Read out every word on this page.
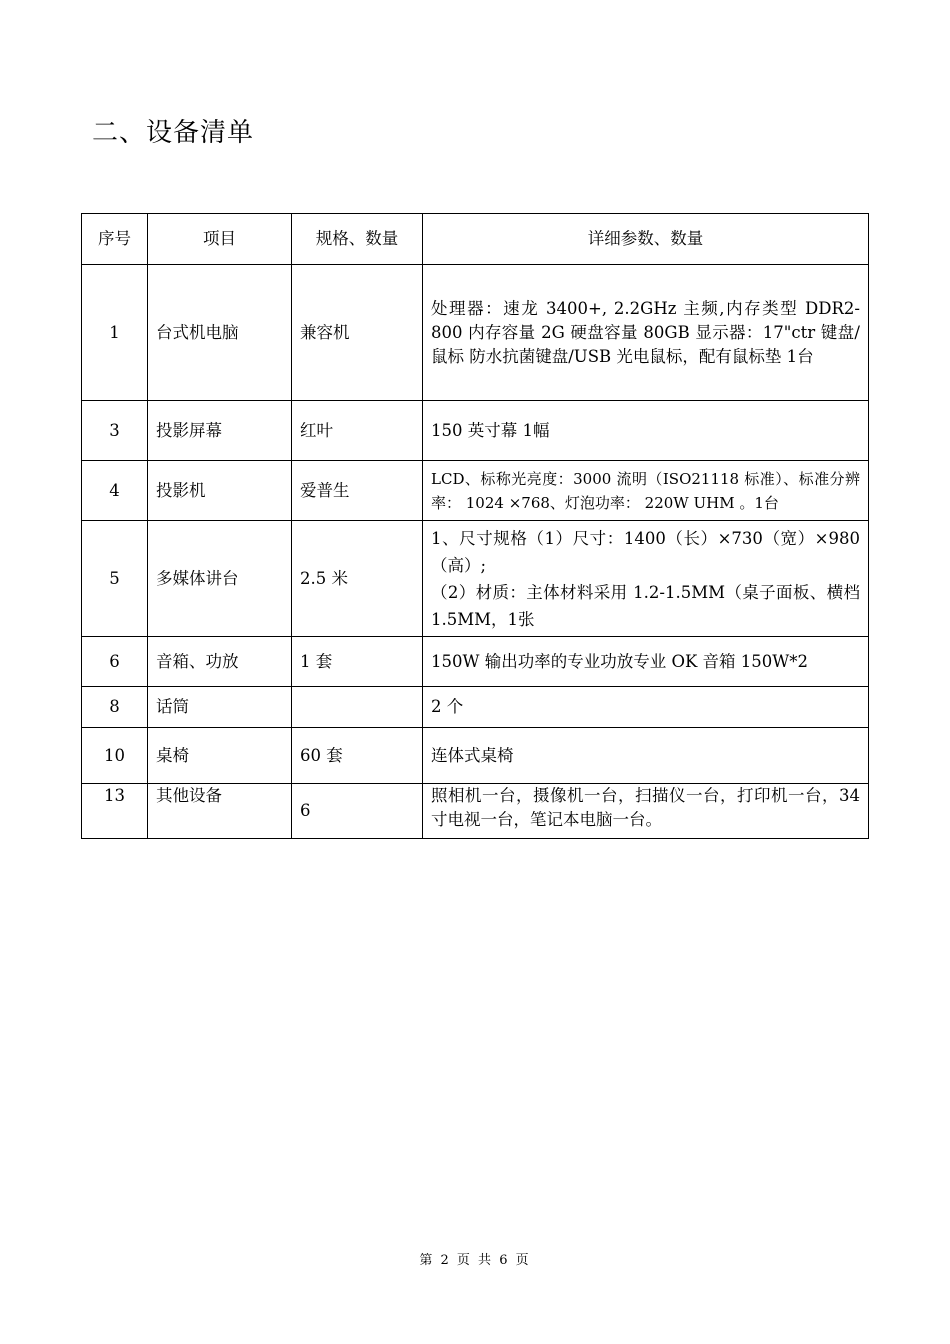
二、设备清单
序号	项目	规格、数量	详细参数、数量
1	台式机电脑	兼容机	处理器：速龙 3400+, 2.2GHz 主频,内存类型 DDR2-800 内存容量 2G 硬盘容量 80GB 显示器：17"ctr 键盘/鼠标 防水抗菌键盘/USB 光电鼠标，配有鼠标垫 1台
3	投影屏幕	红叶	150 英寸幕 1幅
4	投影机	爱普生	LCD、标称光亮度：3000 流明（ISO21118 标准）、标准分辨率： 1024 ×768、灯泡功率： 220W UHM 。1台
5	多媒体讲台	2.5 米	1、尺寸规格（1）尺寸：1400（长）×730（宽）×980（高）;
（2）材质：主体材料采用 1.2-1.5MM（桌子面板、横档 1.5MM，1张

6	音箱、功放	1 套	150W 输出功率的专业功放专业 OK 音箱 150W*2
8	话筒		2 个
10	桌椅	60 套	连体式桌椅
13	其他设备	6	照相机一台，摄像机一台，扫描仪一台，打印机一台，34 寸电视一台，笔记本电脑一台。
第 2 页 共 6 页
